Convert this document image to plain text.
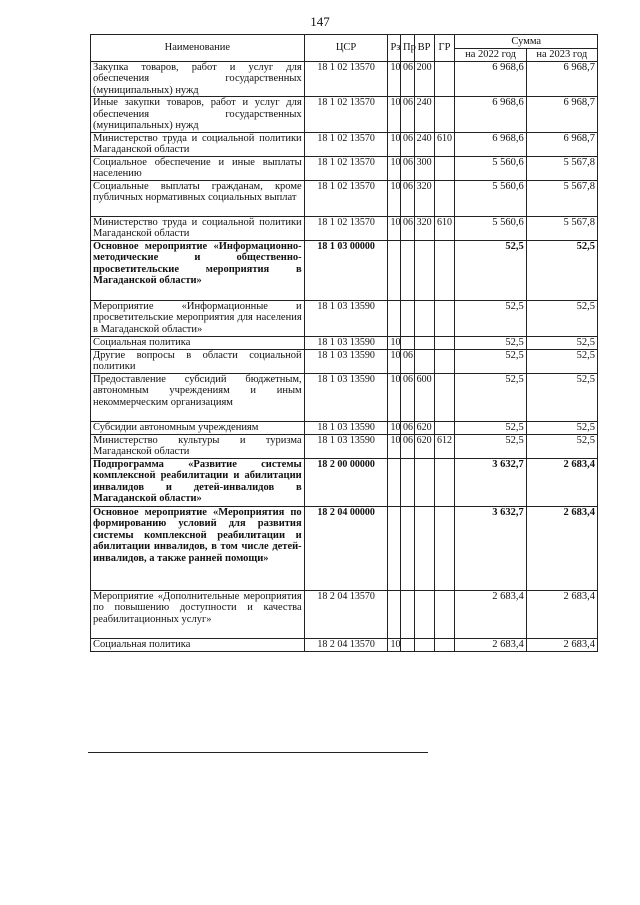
147
Наименование	ЦСР	Рз	Пр	ВР	ГР	Сумма	
						на 2022 год	на 2023 год
Закупка товаров, работ и услуг для обеспечения государственных (муниципальных) нужд	18 1 02 13570	10	06	200		6 968,6	6 968,7
Иные закупки товаров, работ и услуг для обеспечения государственных (муниципальных) нужд	18 1 02 13570	10	06	240		6 968,6	6 968,7
Министерство труда и социальной политики Магаданской области	18 1 02 13570	10	06	240	610	6 968,6	6 968,7
Социальное обеспечение и иные выплаты населению	18 1 02 13570	10	06	300		5 560,6	5 567,8
Социальные выплаты гражданам, кроме публичных нормативных социальных выплат	18 1 02 13570	10	06	320		5 560,6	5 567,8
Министерство труда и социальной политики Магаданской области	18 1 02 13570	10	06	320	610	5 560,6	5 567,8
Основное мероприятие «Информационно-методические и общественно-просветительские мероприятия в Магаданской области»	18 1 03 00000					52,5	52,5
Мероприятие «Информационные и просветительские мероприятия для населения в Магаданской области»	18 1 03 13590					52,5	52,5
Социальная политика	18 1 03 13590	10				52,5	52,5
Другие вопросы в области социальной политики	18 1 03 13590	10	06			52,5	52,5
Предоставление субсидий бюджетным, автономным учреждениям и иным некоммерческим организациям	18 1 03 13590	10	06	600		52,5	52,5
Субсидии автономным учреждениям	18 1 03 13590	10	06	620		52,5	52,5
Министерство культуры и туризма Магаданской области	18 1 03 13590	10	06	620	612	52,5	52,5
Подпрограмма «Развитие системы комплексной реабилитации и абилитации инвалидов и детей-инвалидов в Магаданской области»	18 2 00 00000					3 632,7	2 683,4
Основное мероприятие «Мероприятия по формированию условий для развития системы комплексной реабилитации и абилитации инвалидов, в том числе детей-инвалидов, а также ранней помощи»	18 2 04 00000					3 632,7	2 683,4
Мероприятие «Дополнительные мероприятия по повышению доступности и качества реабилитационных услуг»	18 2 04 13570					2 683,4	2 683,4
Социальная политика	18 2 04 13570	10				2 683,4	2 683,4
